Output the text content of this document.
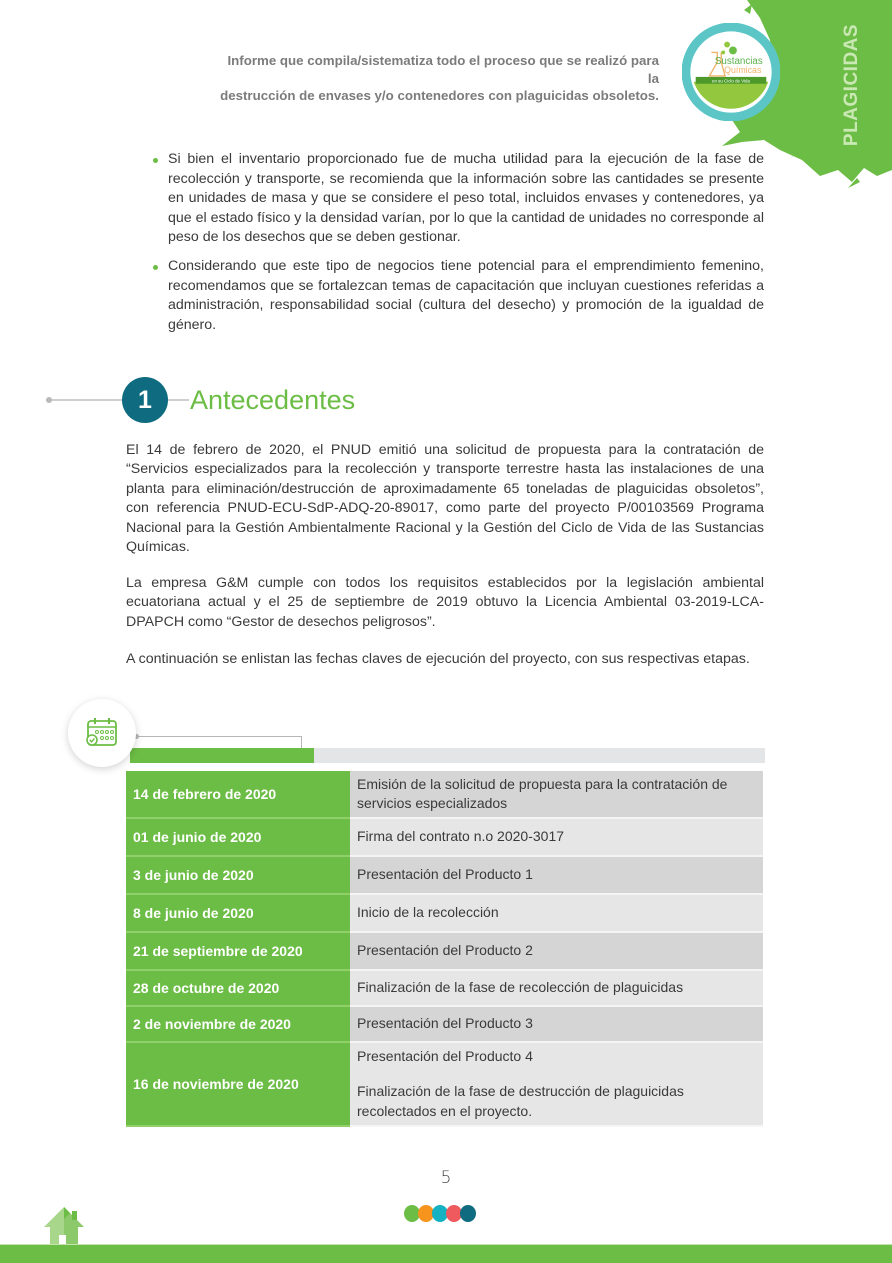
PLAGICIDAS
en su Ciclo de Vida
Sustancias
Químicas
Informe que compila/sistematiza todo el proceso que se realizó para la
destrucción de envases y/o contenedores con plaguicidas obsoletos.
Si bien el inventario proporcionado fue de mucha utilidad para la ejecución de la fase de recolección y transporte, se recomienda que la información sobre las cantidades se presente en unidades de masa y que se considere el peso total, incluidos envases y contenedores, ya que el estado físico y la densidad varían, por lo que la cantidad de unidades no corresponde al peso de los desechos que se deben gestionar.
Considerando que este tipo de negocios tiene potencial para el emprendimiento femenino, recomendamos que se fortalezcan temas de capacitación que incluyan cuestiones referidas a administración, responsabilidad social (cultura del desecho) y promoción de la igualdad de género.
1	Antecedentes

El 14 de febrero de 2020, el PNUD emitió una solicitud de propuesta para la contratación de “Servicios especializados para la recolección y transporte terrestre hasta las instalaciones de una planta para eliminación/destrucción de aproximadamente 65 toneladas de plaguicidas obsoletos”, con referencia PNUD-ECU-SdP-ADQ-20-89017, como parte del proyecto P/00103569 Programa Nacional para la Gestión Ambientalmente Racional y la Gestión del Ciclo de Vida de las Sustancias Químicas.

La empresa G&M cumple con todos los requisitos establecidos por la legislación ambiental ecuatoriana actual y el 25 de septiembre de 2019 obtuvo la Licencia Ambiental 03-2019-LCA-DPAPCH como “Gestor de desechos peligrosos”.

A continuación se enlistan las fechas claves de ejecución del proyecto, con sus respectivas etapas.

14 de febrero de 2020	Emisión de la solicitud de propuesta para la contratación de servicios especializados

01 de junio de 2020	Firma del contrato n.o 2020-3017

3 de junio de 2020	Presentación del Producto 1

8 de junio de 2020	Inicio de la recolección

21 de septiembre de 2020	Presentación del Producto 2

28 de octubre de 2020	Finalización de la fase de recolección de plaguicidas

2 de noviembre de 2020	Presentación del Producto 3

16 de noviembre de 2020	Presentación del Producto 4
Finalización de la fase de destrucción de plaguicidas recolectados en el proyecto.
5
